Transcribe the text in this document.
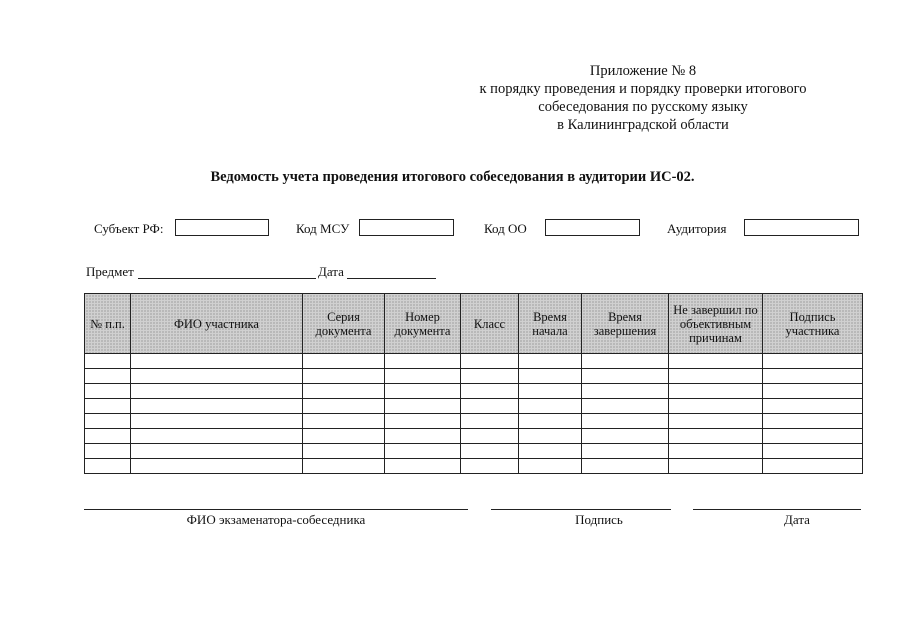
Приложение № 8
к порядку проведения и порядку проверки итогового
собеседования по русскому языку
в Калининградской области
Ведомость учета проведения итогового собеседования в аудитории ИС-02.
Субъект РФ:	Код МСУ	Код ОО	Аудитория
Предмет	Дата
№ п.п.	ФИО участника	Серия документа	Номер документа	Класс	Время начала	Время завершения	Не завершил по объективным причинам	Подпись участника

ФИО экзаменатора-собеседника	Подпись	Дата
